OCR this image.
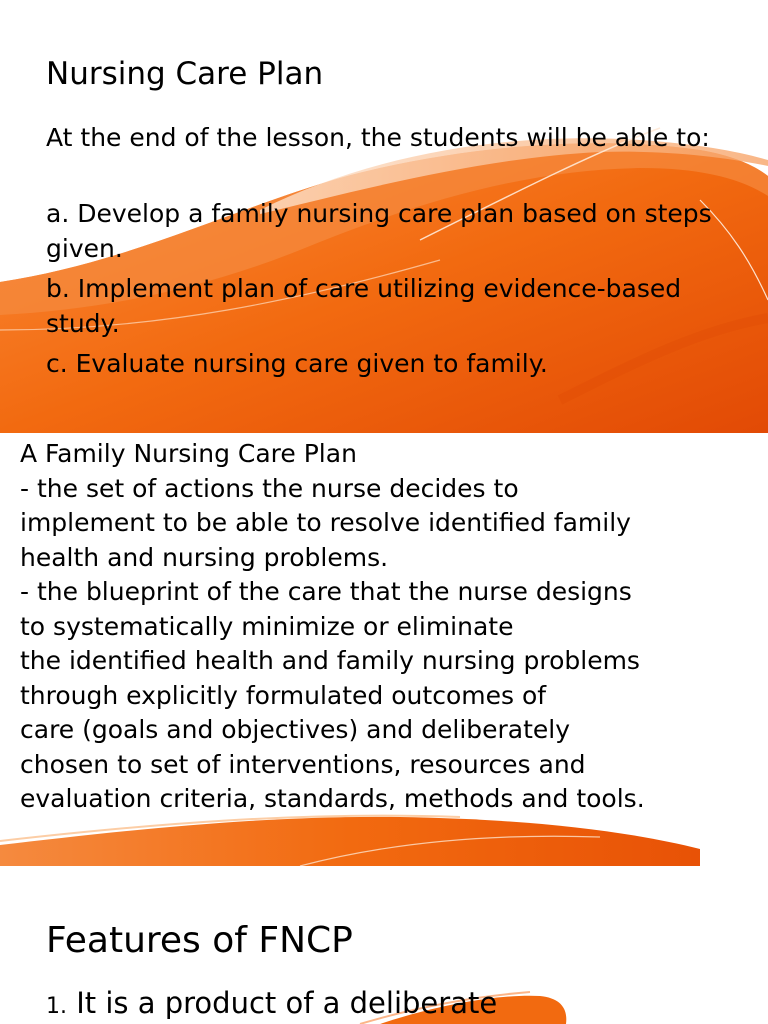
Nursing Care Plan

At the end of the lesson, the students will be able to:

a. Develop a family nursing care plan based on steps given.

b. Implement plan of care utilizing evidence-based study.

c. Evaluate nursing care given to family.

A Family Nursing Care Plan
- the set of actions the nurse decides to
implement to be able to resolve identified family
health and nursing problems.
- the blueprint of the care that the nurse designs
to systematically minimize or eliminate
the identified health and family nursing problems
through explicitly formulated outcomes of
care (goals and objectives) and deliberately
chosen to set of interventions, resources and
evaluation criteria, standards, methods and tools.
Features of FNCP
1. It is a product of a deliberate
